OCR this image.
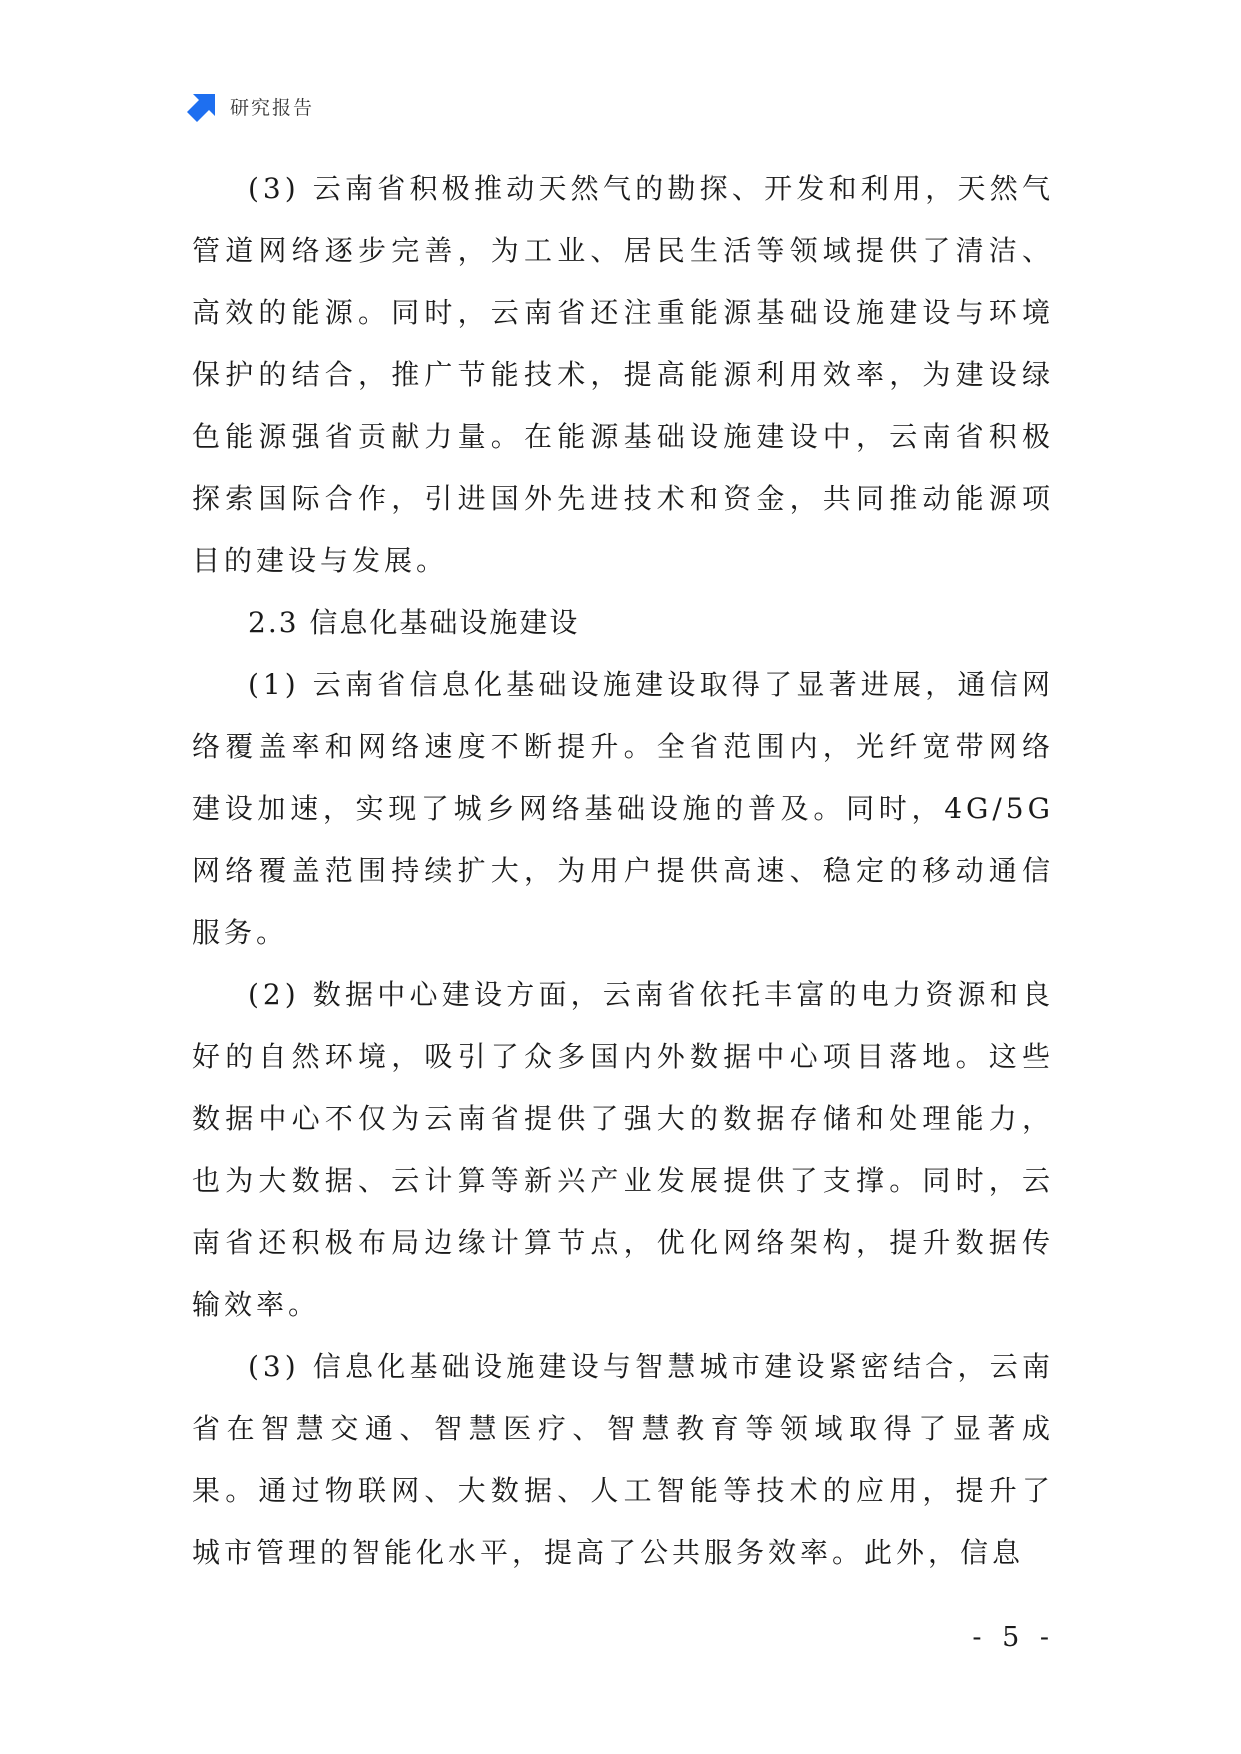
研究报告

(3) 云南省积极推动天然气的勘探、开发和利用，天然气管道网络逐步完善，为工业、居民生活等领域提供了清洁、高效的能源。同时，云南省还注重能源基础设施建设与环境保护的结合，推广节能技术，提高能源利用效率，为建设绿色能源强省贡献力量。在能源基础设施建设中，云南省积极探索国际合作，引进国外先进技术和资金，共同推动能源项目的建设与发展。

2.3 信息化基础设施建设

(1) 云南省信息化基础设施建设取得了显著进展，通信网络覆盖率和网络速度不断提升。全省范围内，光纤宽带网络建设加速，实现了城乡网络基础设施的普及。同时，4G/5G网络覆盖范围持续扩大，为用户提供高速、稳定的移动通信服务。

(2) 数据中心建设方面，云南省依托丰富的电力资源和良好的自然环境，吸引了众多国内外数据中心项目落地。这些数据中心不仅为云南省提供了强大的数据存储和处理能力，也为大数据、云计算等新兴产业发展提供了支撑。同时，云南省还积极布局边缘计算节点，优化网络架构，提升数据传输效率。

(3) 信息化基础设施建设与智慧城市建设紧密结合，云南省在智慧交通、智慧医疗、智慧教育等领域取得了显著成果。通过物联网、大数据、人工智能等技术的应用，提升了城市管理的智能化水平，提高了公共服务效率。此外，信息

- 5 -
